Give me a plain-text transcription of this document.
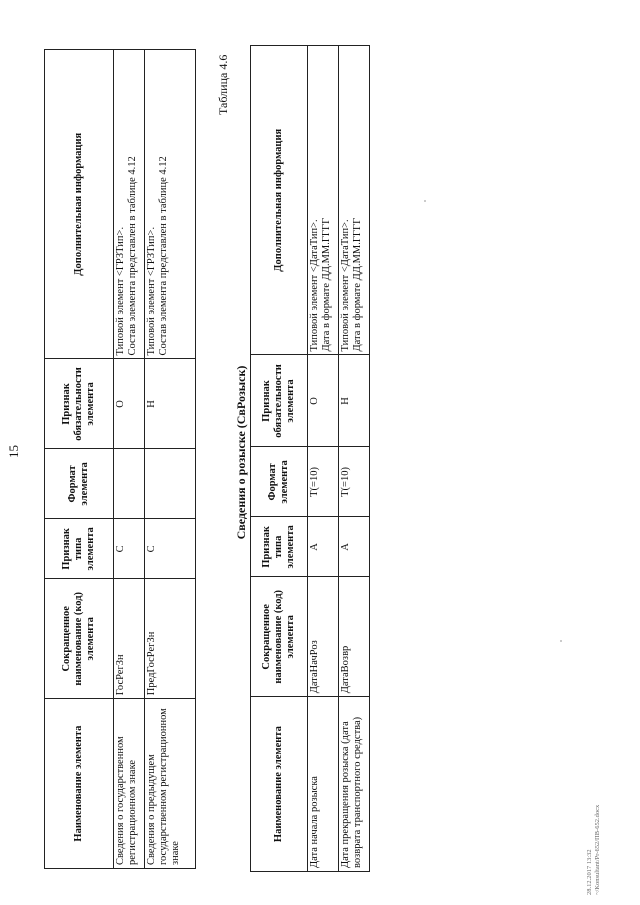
15
Наименование элемента	Сокращенное наименование (код) элемента	Признак типа элемента	Формат элемента	Признак обязательности элемента	Дополнительная информация
Сведения о государственном регистрационном знаке	ГосРегЗн	С		О	Типовой элемент <ГРЗТип>.
Состав элемента представлен в таблице 4.12
Сведения о предыдущем государственном регистрационном знаке	ПредГосРегЗн	С		Н	Типовой элемент <ГРЗТип>.
Состав элемента представлен в таблице 4.12
Таблица 4.6
Сведения о розыске (СвРозыск)
Наименование элемента	Сокращенное наименование (код) элемента	Признак типа элемента	Формат элемента	Признак обязательности элемента	Дополнительная информация
Дата начала розыска	ДатаНачРоз	А	Т(=10)	О	Типовой элемент <ДатаТип>.
Дата в формате ДД.ММ.ГГГГ
Дата прекращения розыска (дата возврата транспортного средства)	ДатаВозвр	А	Т(=10)	Н	Типовой элемент <ДатаТип>.
Дата в формате ДД.ММ.ГГГГ
28.12.2017 13:32 ~/Konsultant/Pr-652/ПВ-652.docx
